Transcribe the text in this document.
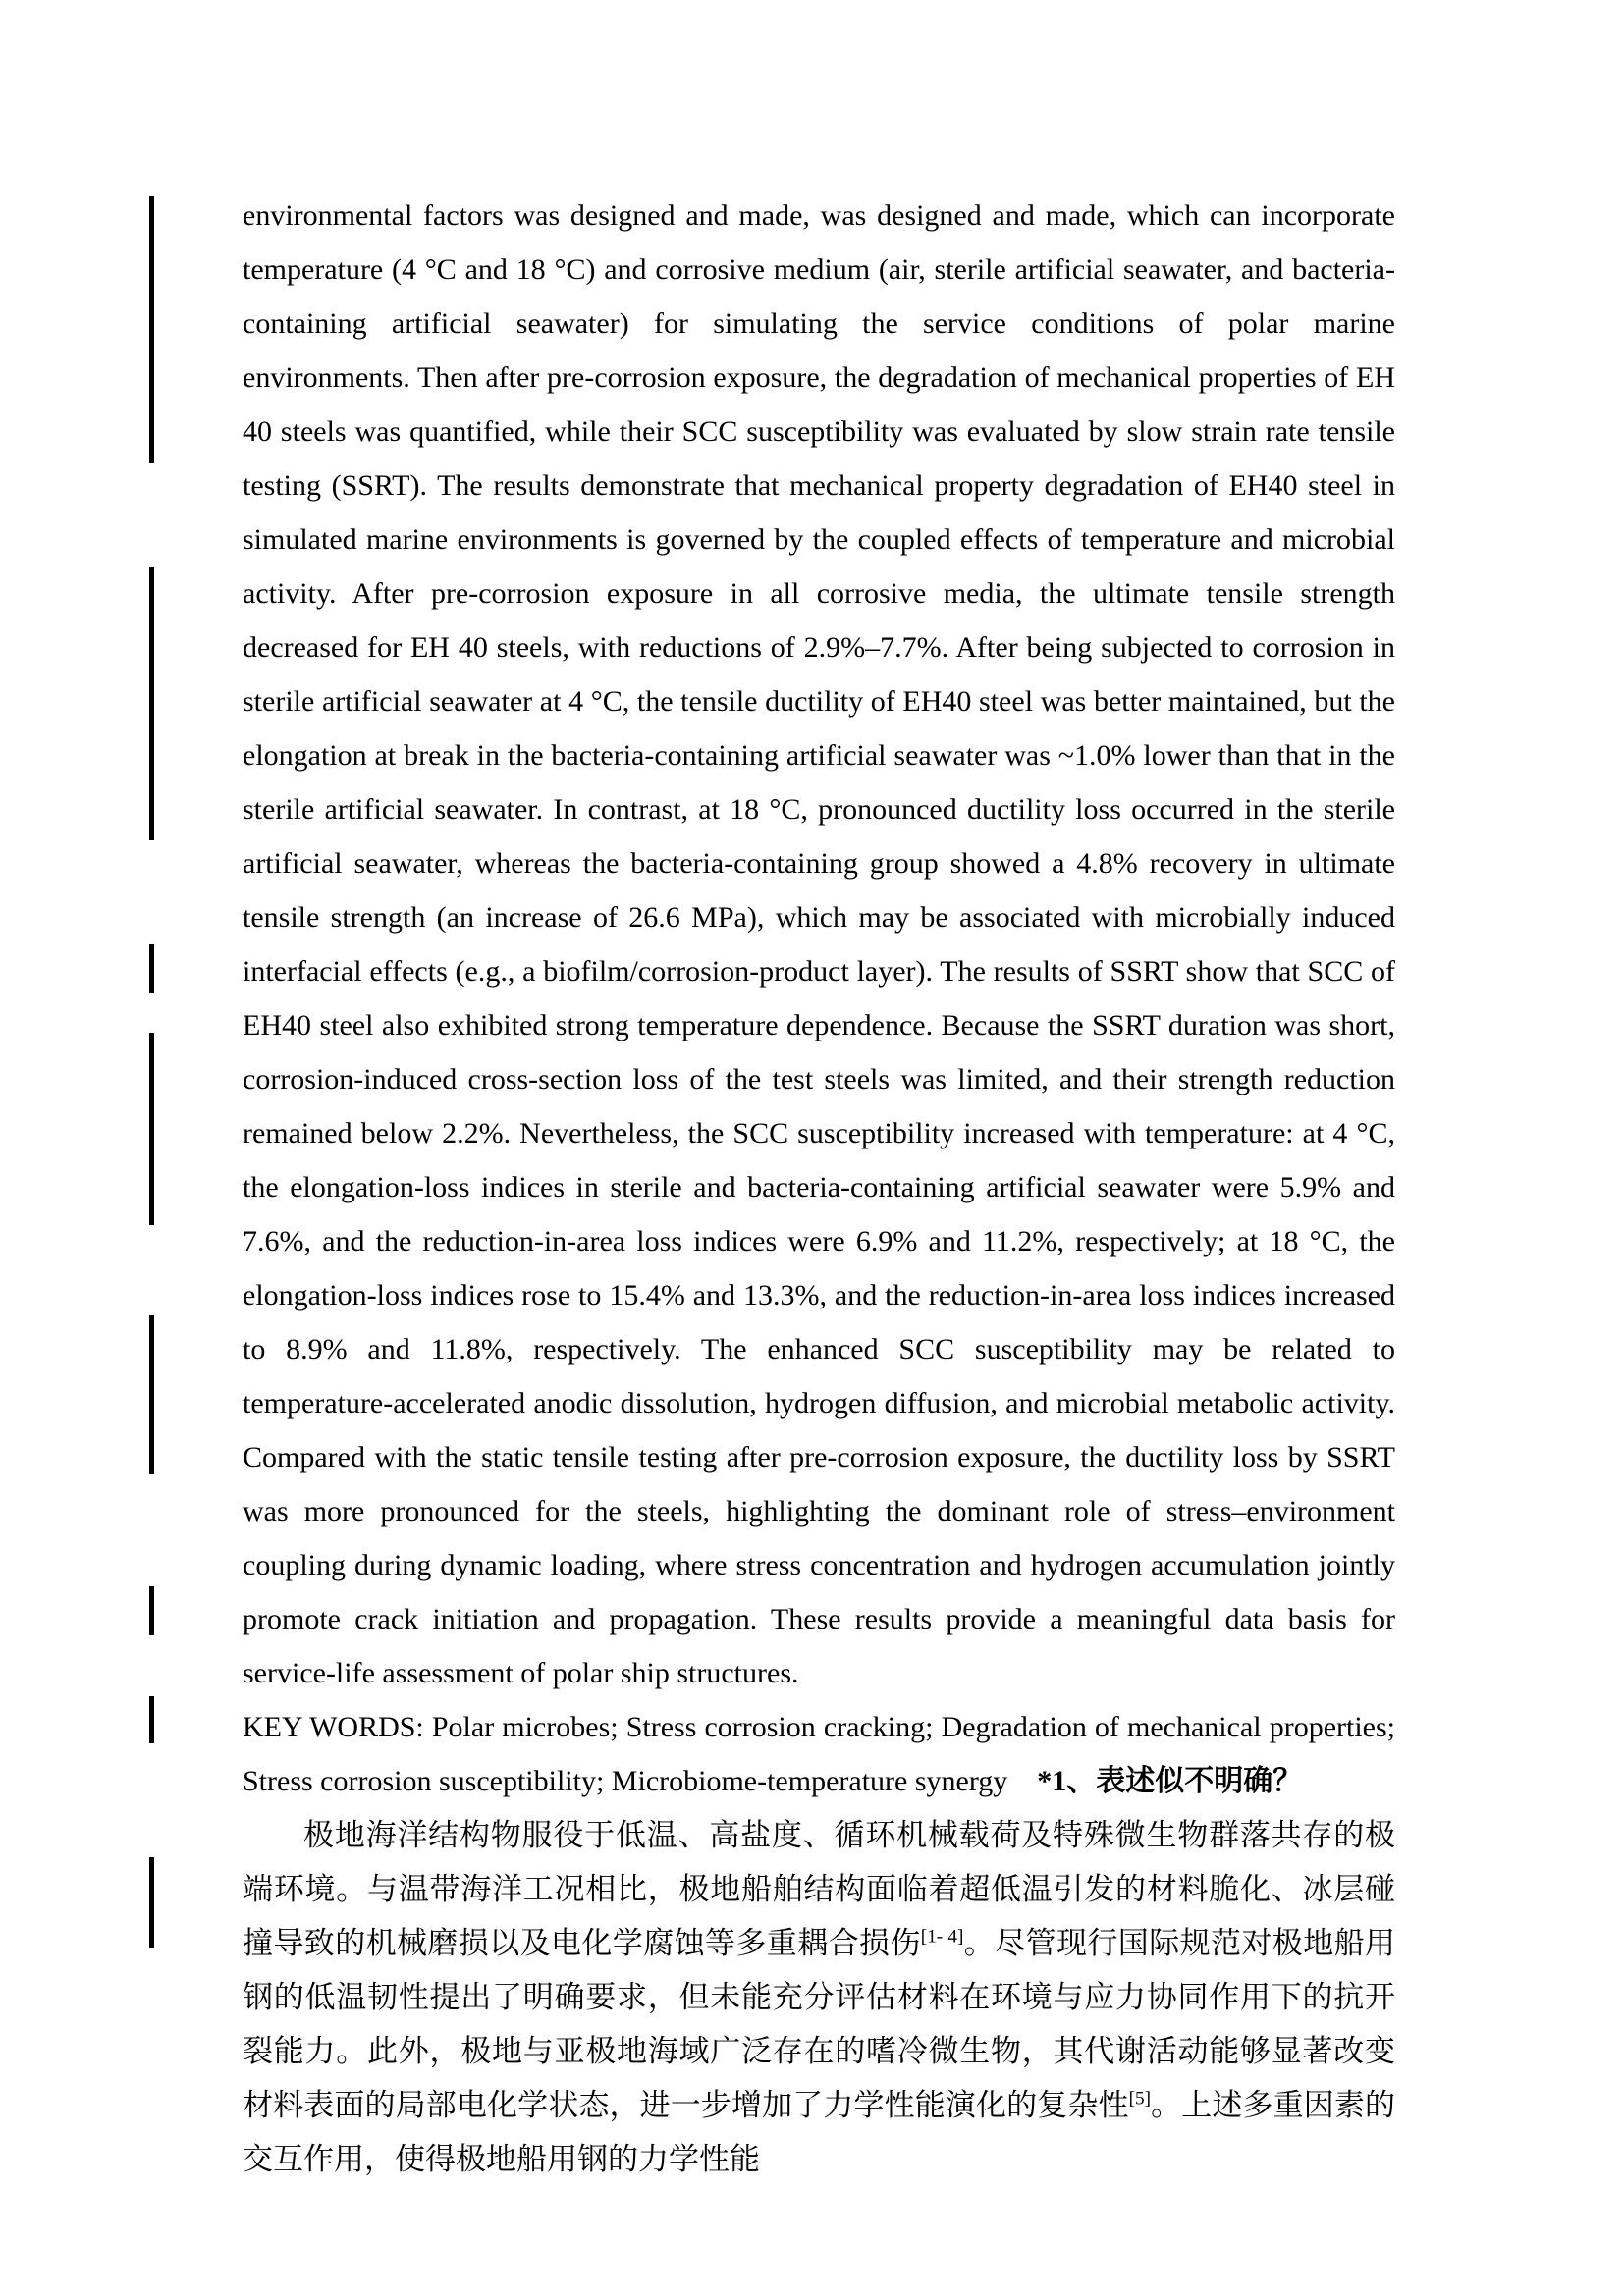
environmental factors was designed and made, was designed and made, which can incorporate temperature (4 °C and 18 °C) and corrosive medium (air, sterile artificial seawater, and bacteria-containing artificial seawater) for simulating the service conditions of polar marine environments. Then after pre-corrosion exposure, the degradation of mechanical properties of EH 40 steels was quantified, while their SCC susceptibility was evaluated by slow strain rate tensile testing (SSRT). The results demonstrate that mechanical property degradation of EH40 steel in simulated marine environments is governed by the coupled effects of temperature and microbial activity. After pre-corrosion exposure in all corrosive media, the ultimate tensile strength decreased for EH 40 steels, with reductions of 2.9%–7.7%. After being subjected to corrosion in sterile artificial seawater at 4 °C, the tensile ductility of EH40 steel was better maintained, but the elongation at break in the bacteria-containing artificial seawater was ~1.0% lower than that in the sterile artificial seawater. In contrast, at 18 °C, pronounced ductility loss occurred in the sterile artificial seawater, whereas the bacteria-containing group showed a 4.8% recovery in ultimate tensile strength (an increase of 26.6 MPa), which may be associated with microbially induced interfacial effects (e.g., a biofilm/corrosion-product layer). The results of SSRT show that SCC of EH40 steel also exhibited strong temperature dependence. Because the SSRT duration was short, corrosion-induced cross-section loss of the test steels was limited, and their strength reduction remained below 2.2%. Nevertheless, the SCC susceptibility increased with temperature: at 4 °C, the elongation-loss indices in sterile and bacteria-containing artificial seawater were 5.9% and 7.6%, and the reduction-in-area loss indices were 6.9% and 11.2%, respectively; at 18 °C, the elongation-loss indices rose to 15.4% and 13.3%, and the reduction-in-area loss indices increased to 8.9% and 11.8%, respectively. The enhanced SCC susceptibility may be related to temperature-accelerated anodic dissolution, hydrogen diffusion, and microbial metabolic activity. Compared with the static tensile testing after pre-corrosion exposure, the ductility loss by SSRT was more pronounced for the steels, highlighting the dominant role of stress–environment coupling during dynamic loading, where stress concentration and hydrogen accumulation jointly promote crack initiation and propagation. These results provide a meaningful data basis for service-life assessment of polar ship structures.

KEY WORDS: Polar microbes; Stress corrosion cracking; Degradation of mechanical properties; Stress corrosion susceptibility; Microbiome-temperature synergy *1、表述似不明确？

极地海洋结构物服役于低温、高盐度、循环机械载荷及特殊微生物群落共存的极端环境。与温带海洋工况相比，极地船舶结构面临着超低温引发的材料脆化、冰层碰撞导致的机械磨损以及电化学腐蚀等多重耦合损伤[1- 4]。尽管现行国际规范对极地船用钢的低温韧性提出了明确要求，但未能充分评估材料在环境与应力协同作用下的抗开裂能力。此外，极地与亚极地海域广泛存在的嗜冷微生物，其代谢活动能够显著改变材料表面的局部电化学状态，进一步增加了力学性能演化的复杂性[5]。上述多重因素的交互作用，使得极地船用钢的力学性能
